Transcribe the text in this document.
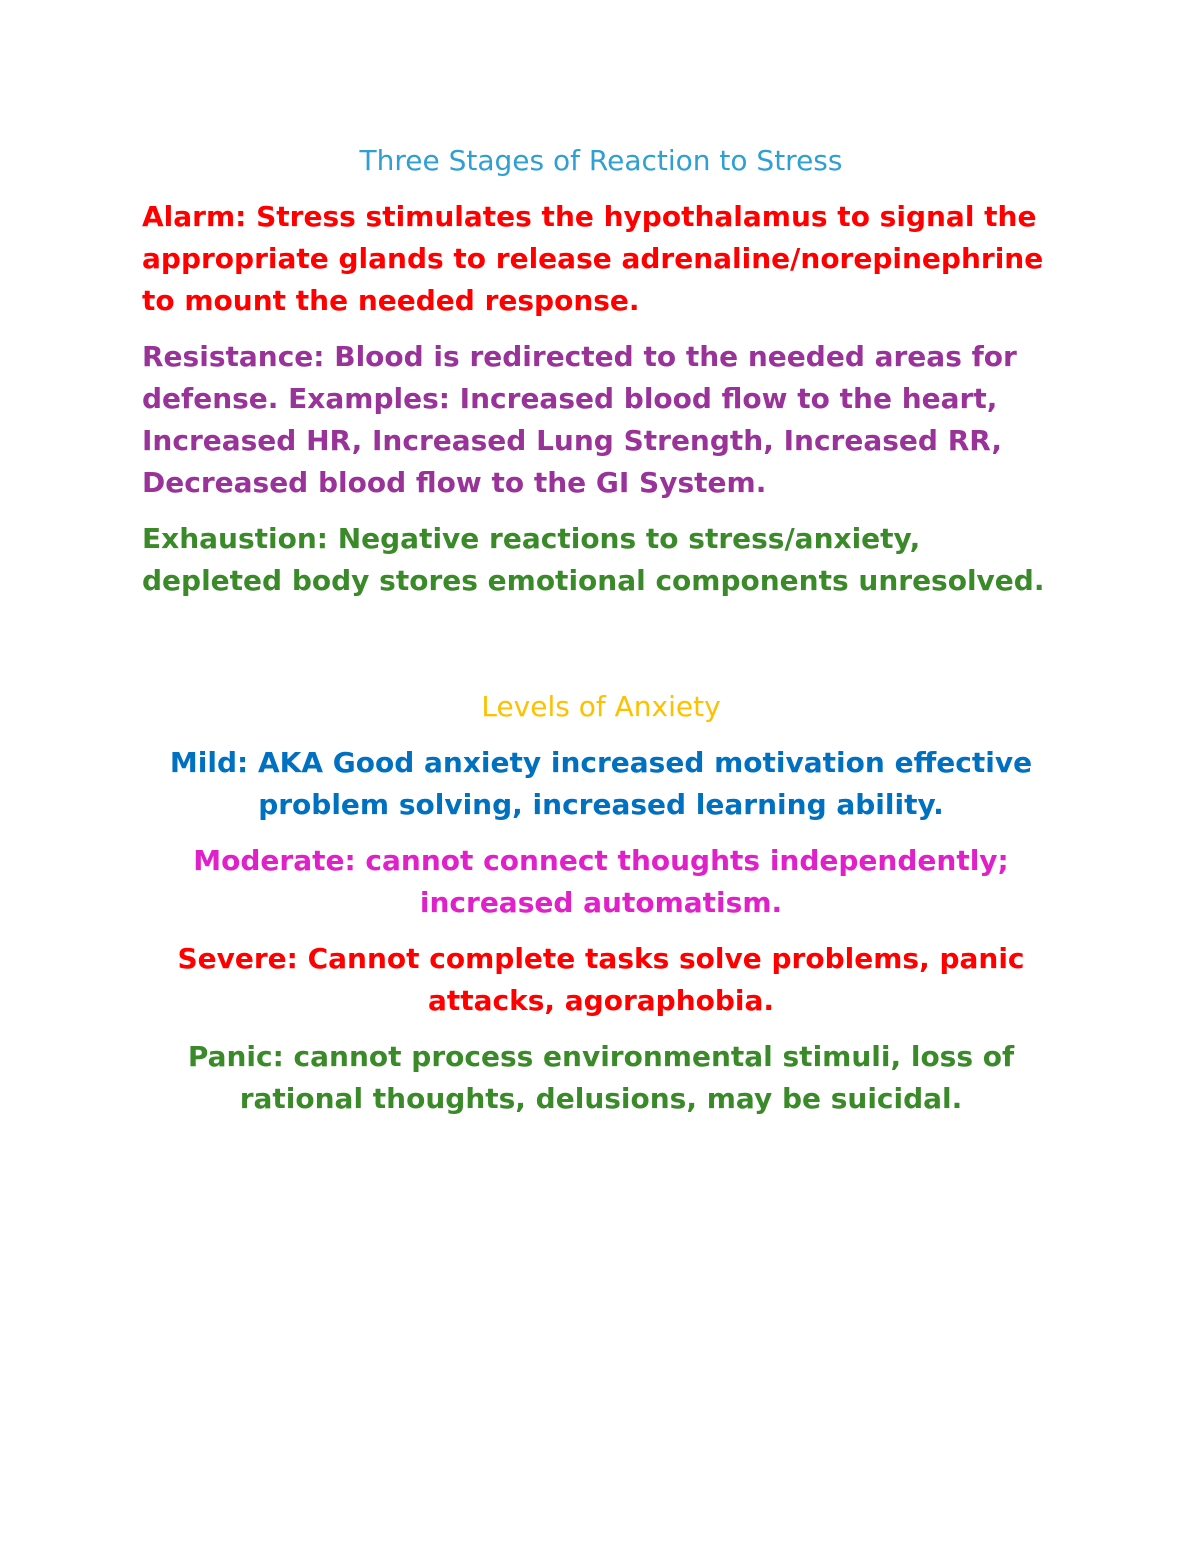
Three Stages of Reaction to Stress
Alarm: Stress stimulates the hypothalamus to signal the appropriate glands to release adrenaline/norepinephrine to mount the needed response.
Resistance: Blood is redirected to the needed areas for defense. Examples: Increased blood flow to the heart, Increased HR, Increased Lung Strength, Increased RR, Decreased blood flow to the GI System.
Exhaustion: Negative reactions to stress/anxiety, depleted body stores emotional components unresolved.
Levels of Anxiety
Mild: AKA Good anxiety increased motivation effective problem solving, increased learning ability.
Moderate: cannot connect thoughts independently; increased automatism.
Severe: Cannot complete tasks solve problems, panic attacks, agoraphobia.
Panic: cannot process environmental stimuli, loss of rational thoughts, delusions, may be suicidal.
